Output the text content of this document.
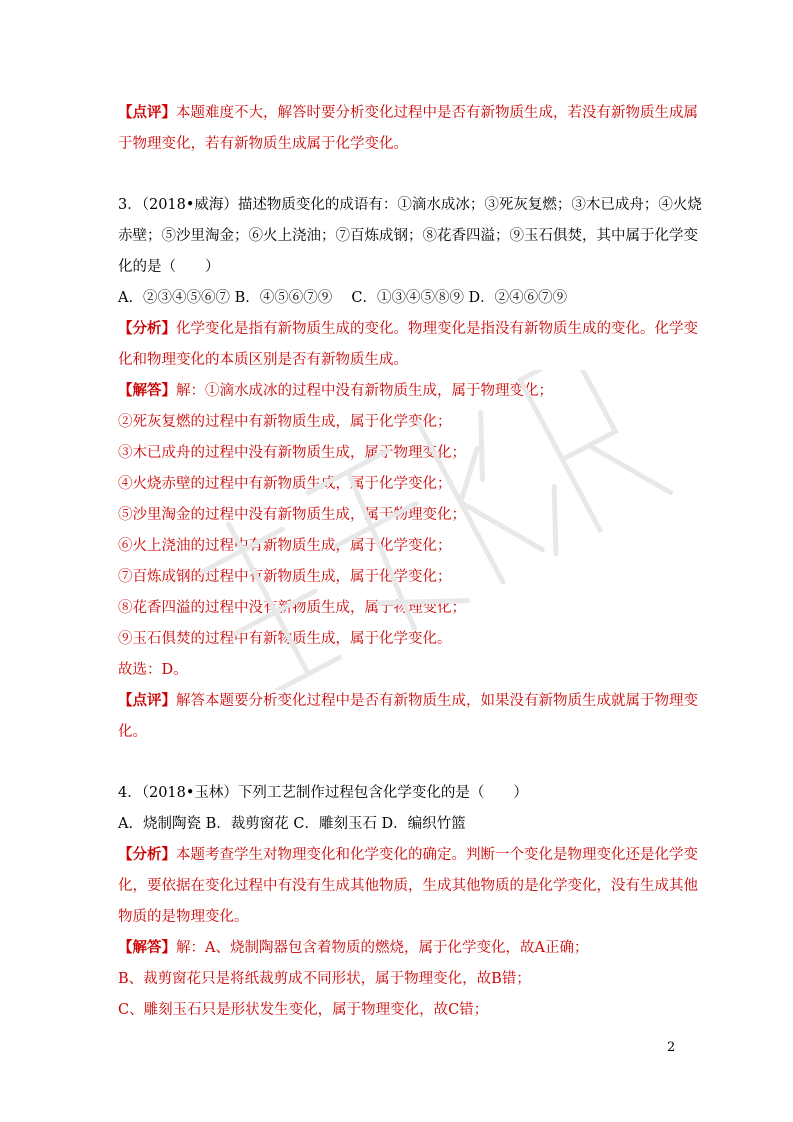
【点评】本题难度不大，解答时要分析变化过程中是否有新物质生成，若没有新物质生成属
于物理变化，若有新物质生成属于化学变化。
3．（2018•威海）描述物质变化的成语有：①滴水成冰；③死灰复燃；③木已成舟；④火烧
赤壁；⑤沙里淘金；⑥火上浇油；⑦百炼成钢；⑧花香四溢；⑨玉石俱焚，其中属于化学变
化的是（　　）
A．②③④⑤⑥⑦ B．④⑤⑥⑦⑨　 C．①③④⑤⑧⑨ D．②④⑥⑦⑨
【分析】化学变化是指有新物质生成的变化。物理变化是指没有新物质生成的变化。化学变
化和物理变化的本质区别是否有新物质生成。
【解答】解：①滴水成冰的过程中没有新物质生成，属于物理变化；
②死灰复燃的过程中有新物质生成，属于化学变化；
③木已成舟的过程中没有新物质生成，属于物理变化；
④火烧赤壁的过程中有新物质生成，属于化学变化；
⑤沙里淘金的过程中没有新物质生成，属于物理变化；
⑥火上浇油的过程中有新物质生成，属于化学变化；
⑦百炼成钢的过程中有新物质生成，属于化学变化；
⑧花香四溢的过程中没有新物质生成，属于物理变化；
⑨玉石俱焚的过程中有新物质生成，属于化学变化。
故选：D。
【点评】解答本题要分析变化过程中是否有新物质生成，如果没有新物质生成就属于物理变
化。
4．（2018•玉林）下列工艺制作过程包含化学变化的是（　　）
A．烧制陶瓷 B．裁剪窗花 C．雕刻玉石 D．编织竹篮
【分析】本题考查学生对物理变化和化学变化的确定。判断一个变化是物理变化还是化学变
化，要依据在变化过程中有没有生成其他物质，生成其他物质的是化学变化，没有生成其他
物质的是物理变化。
【解答】解：A、烧制陶器包含着物质的燃烧，属于化学变化，故A正确；
B、裁剪窗花只是将纸裁剪成不同形状，属于物理变化，故B错；
C、雕刻玉石只是形状发生变化，属于物理变化，故C错；
2
